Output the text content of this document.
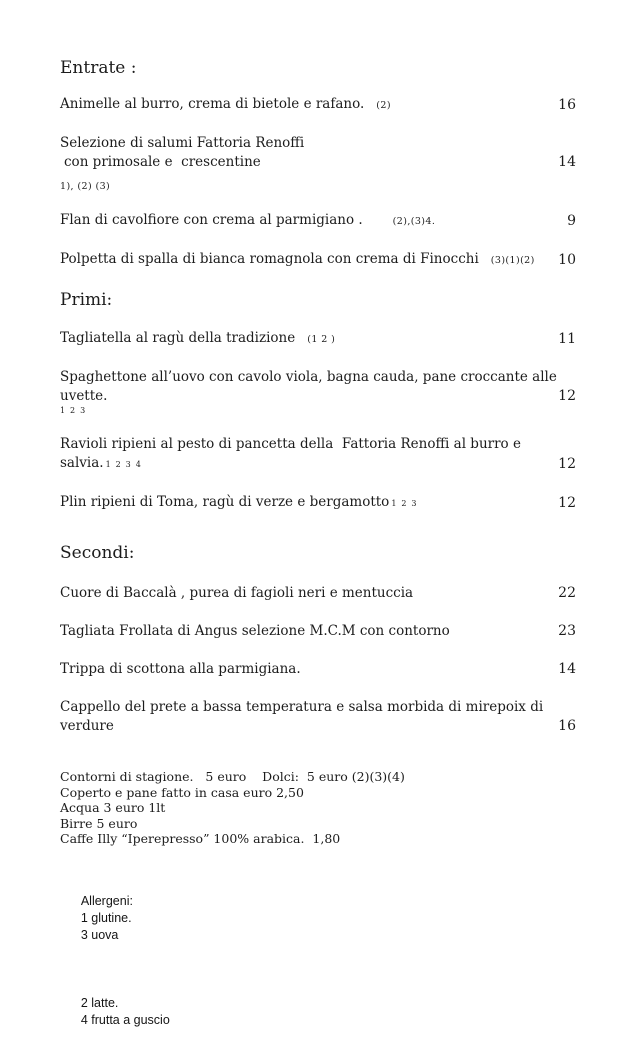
Entrate :
Animelle al burro, crema di bietole e rafano. (2)	16
Selezione di salumi Fattoria Renoffi
con primosale e  crescentine	14
1), (2) (3)
Flan di cavolfiore con crema al parmigiano .	(2),(3)4.	9
Polpetta di spalla di bianca romagnola con crema di Finocchi (3)(1)(2) 10
Primi:
Tagliatella al ragù della tradizione (1 2 )	11
Spaghettone all’uovo con cavolo viola, bagna cauda, pane croccante alle
uvette.	12
1 2 3
Ravioli ripieni al pesto di pancetta della  Fattoria Renoffi al burro e
salvia. 1 2 3 4	12
Plin ripieni di Toma, ragù di verze e bergamotto 1 2 3	12
Secondi:
Cuore di Baccalà , purea di fagioli neri e mentuccia	22
Tagliata Frollata di Angus selezione M.C.M con contorno	23
Trippa di scottona alla parmigiana.	14
Cappello del prete a bassa temperatura e salsa morbida di mirepoix di
verdure	16
Contorni di stagione.   5 euro    Dolci:  5 euro (2)(3)(4)
Coperto e pane fatto in casa euro 2,50
Acqua 3 euro 1lt
Birre 5 euro
Caffe Illy “Iperepresso” 100% arabica.  1,80

Allergeni:
1 glutine.
3 uova

2 latte.
4 frutta a guscio
